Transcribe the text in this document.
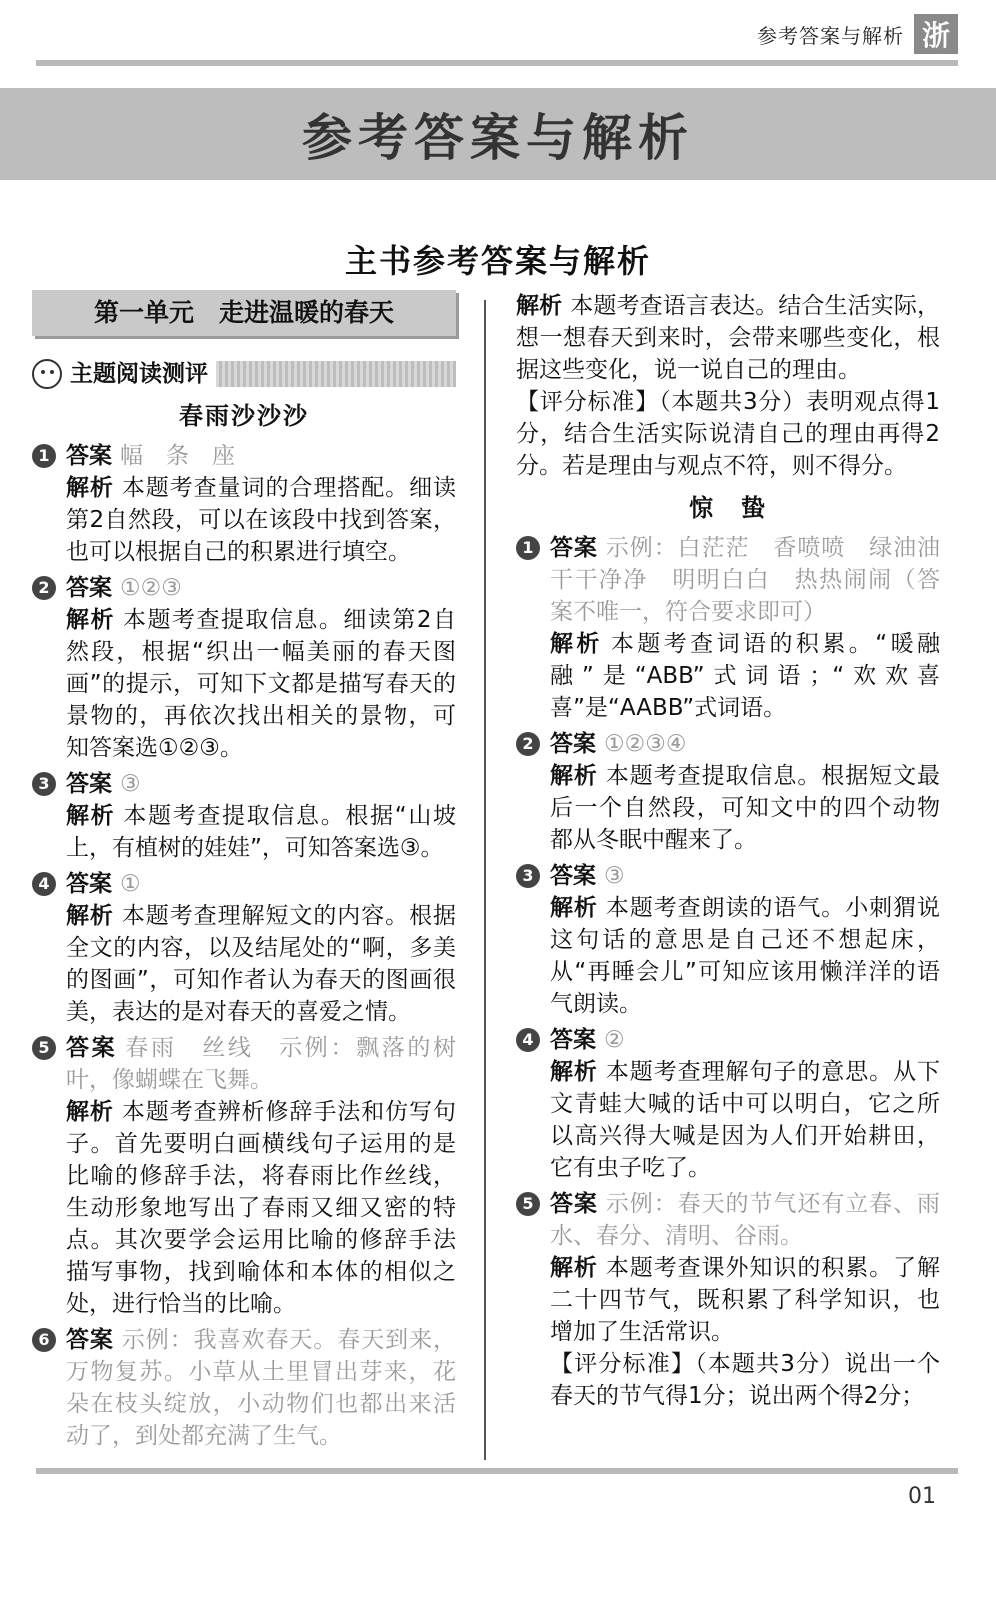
参考答案与解析 浙
参考答案与解析
主书参考答案与解析
第一单元　走进温暖的春天
主题阅读测评
春雨沙沙沙
1 答案 幅　条　座
解析 本题考查量词的合理搭配。细读第2自然段，可以在该段中找到答案，也可以根据自己的积累进行填空。
2 答案 ①②③
解析 本题考查提取信息。细读第2自然段，根据“织出一幅美丽的春天图画”的提示，可知下文都是描写春天的景物的，再依次找出相关的景物，可知答案选①②③。
3 答案 ③
解析 本题考查提取信息。根据“山坡上，有植树的娃娃”，可知答案选③。
4 答案 ①
解析 本题考查理解短文的内容。根据全文的内容，以及结尾处的“啊，多美的图画”，可知作者认为春天的图画很美，表达的是对春天的喜爱之情。
5 答案 春雨　丝线　示例：飘落的树叶，像蝴蝶在飞舞。
解析 本题考查辨析修辞手法和仿写句子。首先要明白画横线句子运用的是比喻的修辞手法，将春雨比作丝线，生动形象地写出了春雨又细又密的特点。其次要学会运用比喻的修辞手法描写事物，找到喻体和本体的相似之处，进行恰当的比喻。
6 答案 示例：我喜欢春天。春天到来，万物复苏。小草从土里冒出芽来，花朵在枝头绽放，小动物们也都出来活动了，到处都充满了生气。
解析 本题考查语言表达。结合生活实际，想一想春天到来时，会带来哪些变化，根据这些变化，说一说自己的理由。
【评分标准】（本题共3分）表明观点得1分，结合生活实际说清自己的理由再得2分。若是理由与观点不符，则不得分。
惊　蛰
1 答案 示例：白茫茫　香喷喷　绿油油　干干净净　明明白白　热热闹闹（答案不唯一，符合要求即可）
解析 本题考查词语的积累。“暖融融”是“ABB”式词语；“欢欢喜喜”是“AABB”式词语。
2 答案 ①②③④
解析 本题考查提取信息。根据短文最后一个自然段，可知文中的四个动物都从冬眠中醒来了。
3 答案 ③
解析 本题考查朗读的语气。小刺猬说这句话的意思是自己还不想起床，从“再睡会儿”可知应该用懒洋洋的语气朗读。
4 答案 ②
解析 本题考查理解句子的意思。从下文青蛙大喊的话中可以明白，它之所以高兴得大喊是因为人们开始耕田，它有虫子吃了。
5 答案 示例：春天的节气还有立春、雨水、春分、清明、谷雨。
解析 本题考查课外知识的积累。了解二十四节气，既积累了科学知识，也增加了生活常识。
【评分标准】（本题共3分）说出一个春天的节气得1分；说出两个得2分；
01
